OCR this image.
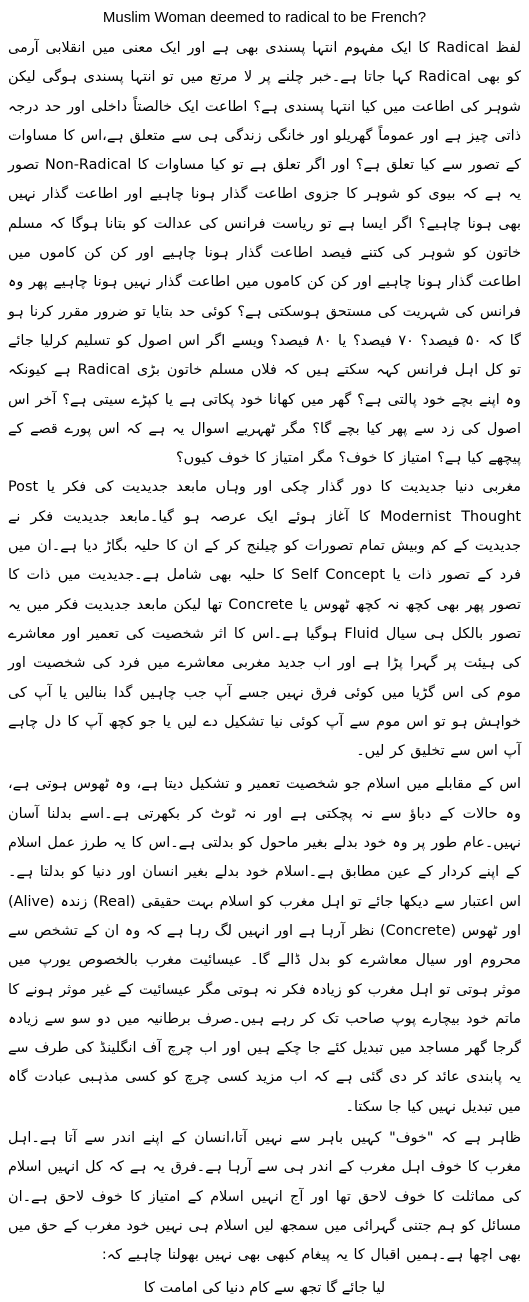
Muslim Woman deemed to radical to be French?

لفظ Radical کا ایک مفہوم انتہا پسندی بھی ہے اور ایک معنی میں انقلابی آرمی کو بھی Radical کہا جاتا ہے۔خبر چلنے پر لا مرتع میں تو انتہا پسندی ہوگی لیکن شوہر کی اطاعت میں کیا انتہا پسندی ہے؟ اطاعت ایک خالصتاً داخلی اور حد درجہ ذاتی چیز ہے اور عموماً گھریلو اور خانگی زندگی ہی سے متعلق ہے،اس کا مساوات کے تصور سے کیا تعلق ہے؟ اور اگر تعلق ہے تو کیا مساوات کا Non-Radical تصور یہ ہے کہ بیوی کو شوہر کا جزوی اطاعت گذار ہونا چاہیے اور اطاعت گذار نہیں بھی ہونا چاہیے؟ اگر ایسا ہے تو ریاست فرانس کی عدالت کو بتانا ہوگا کہ مسلم خاتون کو شوہر کی کتنے فیصد اطاعت گذار ہونا چاہیے اور کن کن کاموں میں اطاعت گذار ہونا چاہیے اور کن کن کاموں میں اطاعت گذار نہیں ہونا چاہیے پھر وہ فرانس کی شہریت کی مستحق ہوسکتی ہے؟ کوئی حد بتایا تو ضرور مقرر کرنا ہو گا کہ ۵۰ فیصد؟ ۷۰ فیصد؟ یا ۸۰ فیصد؟ ویسے اگر اس اصول کو تسلیم کرلیا جائے تو کل اہل فرانس کہہ سکتے ہیں کہ فلاں مسلم خاتون بڑی Radical ہے کیونکہ وہ اپنے بچے خود پالتی ہے؟ گھر میں کھانا خود پکاتی ہے یا کپڑے سیتی ہے؟ آخر اس اصول کی زد سے پھر کیا بچے گا؟ مگر ٹھہریے اسوال یہ ہے کہ اس پورے قصے کے پیچھے کیا ہے؟ امتیاز کا خوف؟ مگر امتیاز کا خوف کیوں؟

مغربی دنیا جدیدیت کا دور گذار چکی اور وہاں مابعد جدیدیت کی فکر یا Post Modernist Thought کا آغاز ہوئے ایک عرصہ ہو گیا۔مابعد جدیدیت فکر نے جدیدیت کے کم وبیش تمام تصورات کو چیلنج کر کے ان کا حلیہ بگاڑ دیا ہے۔ان میں فرد کے تصور ذات یا Self Concept کا حلیہ بھی شامل ہے۔جدیدیت میں ذات کا تصور پھر بھی کچھ نہ کچھ ٹھوس یا Concrete تھا لیکن مابعد جدیدیت فکر میں یہ تصور بالکل ہی سیال Fluid ہوگیا ہے۔اس کا اثر شخصیت کی تعمیر اور معاشرے کی ہیئت پر گہرا پڑا ہے اور اب جدید مغربی معاشرے میں فرد کی شخصیت اور موم کی اس گڑیا میں کوئی فرق نہیں جسے آپ جب چاہیں گدا بنالیں یا آپ کی خواہش ہو تو اس موم سے آپ کوئی نیا تشکیل دے لیں یا جو کچھ آپ کا دل چاہے آپ اس سے تخلیق کر لیں۔

اس کے مقابلے میں اسلام جو شخصیت تعمیر و تشکیل دیتا ہے، وہ ٹھوس ہوتی ہے، وہ حالات کے دباؤ سے نہ پچکتی ہے اور نہ ٹوٹ کر بکھرتی ہے۔اسے بدلنا آسان نہیں۔عام طور پر وہ خود بدلے بغیر ماحول کو بدلتی ہے۔اس کا یہ طرز عمل اسلام کے اپنے کردار کے عین مطابق ہے۔اسلام خود بدلے بغیر انسان اور دنیا کو بدلتا ہے۔اس اعتبار سے دیکھا جائے تو اہل مغرب کو اسلام بہت حقیقی (Real) زندہ (Alive) اور ٹھوس (Concrete) نظر آرہا ہے اور انہیں لگ رہا ہے کہ وہ ان کے تشخص سے محروم اور سیال معاشرے کو بدل ڈالے گا۔ عیسائیت مغرب بالخصوص یورپ میں موثر ہوتی تو اہل مغرب کو زیادہ فکر نہ ہوتی مگر عیسائیت کے غیر موثر ہونے کا ماتم خود بیچارے پوپ صاحب تک کر رہے ہیں۔صرف برطانیہ میں دو سو سے زیادہ گرجا گھر مساجد میں تبدیل کئے جا چکے ہیں اور اب چرچ آف انگلینڈ کی طرف سے یہ پابندی عائد کر دی گئی ہے کہ اب مزید کسی چرچ کو کسی مذہبی عبادت گاہ میں تبدیل نہیں کیا جا سکتا۔

ظاہر ہے کہ "خوف" کہیں باہر سے نہیں آتا،انسان کے اپنے اندر سے آتا ہے۔اہل مغرب کا خوف اہل مغرب کے اندر ہی سے آرہا ہے۔فرق یہ ہے کہ کل انہیں اسلام کی مماثلت کا خوف لاحق تھا اور آج انہیں اسلام کے امتیاز کا خوف لاحق ہے۔ان مسائل کو ہم جتنی گہرائی میں سمجھ لیں اسلام ہی نہیں خود مغرب کے حق میں بھی اچھا ہے۔ہمیں اقبال کا یہ پیغام کبھی بھی نہیں بھولنا چاہیے کہ:

لیا جائے گا تجھ سے کام دنیا کی امامت کا
